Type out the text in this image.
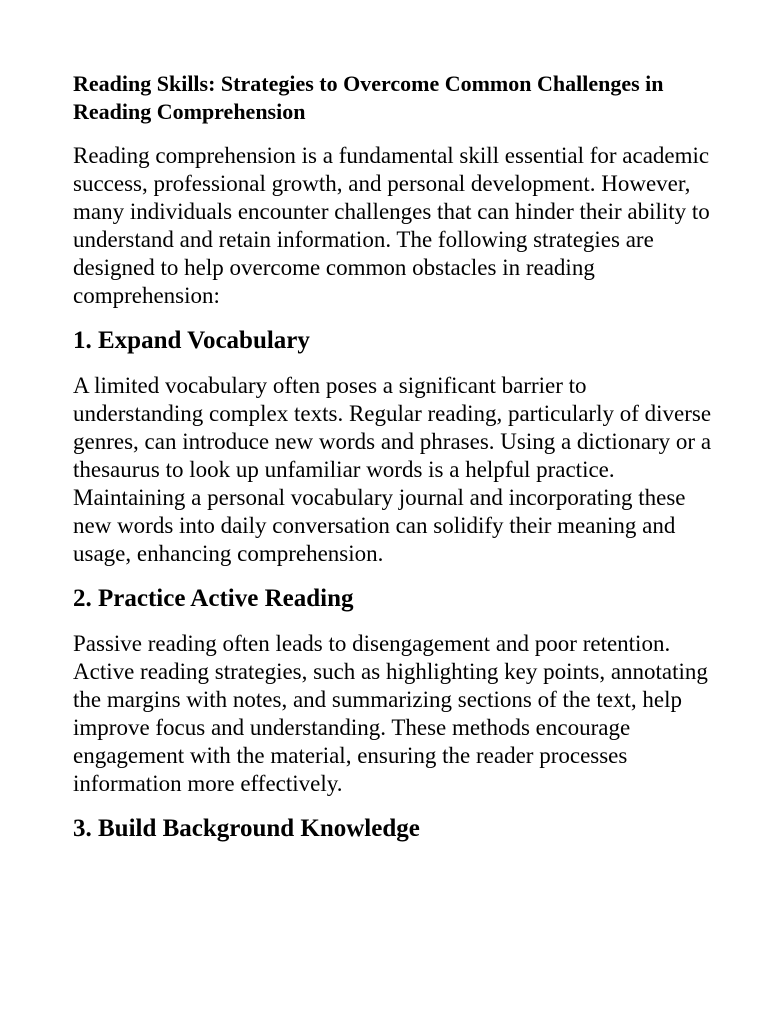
Reading Skills: Strategies to Overcome Common Challenges in Reading Comprehension

Reading comprehension is a fundamental skill essential for academic success, professional growth, and personal development. However, many individuals encounter challenges that can hinder their ability to understand and retain information. The following strategies are designed to help overcome common obstacles in reading comprehension:

1. Expand Vocabulary

A limited vocabulary often poses a significant barrier to understanding complex texts. Regular reading, particularly of diverse genres, can introduce new words and phrases. Using a dictionary or a thesaurus to look up unfamiliar words is a helpful practice. Maintaining a personal vocabulary journal and incorporating these new words into daily conversation can solidify their meaning and usage, enhancing comprehension.

2. Practice Active Reading

Passive reading often leads to disengagement and poor retention. Active reading strategies, such as highlighting key points, annotating the margins with notes, and summarizing sections of the text, help improve focus and understanding. These methods encourage engagement with the material, ensuring the reader processes information more effectively.

3. Build Background Knowledge
